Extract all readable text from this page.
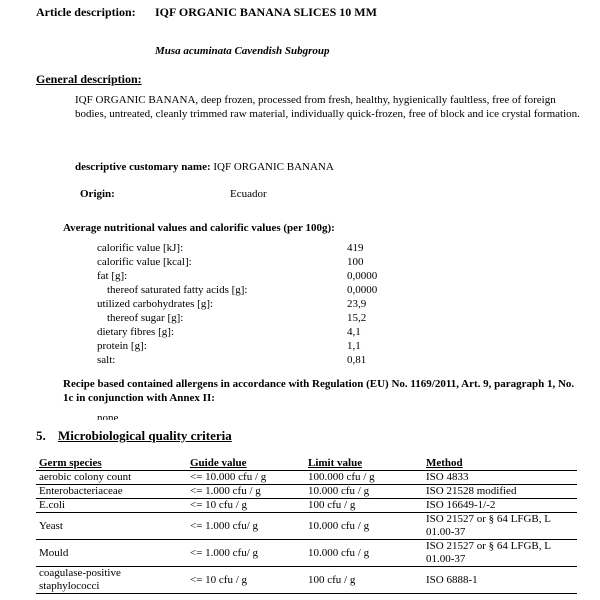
Article description: IQF ORGANIC BANANA SLICES 10 MM
Musa acuminata Cavendish Subgroup
General description:
IQF ORGANIC BANANA, deep frozen, processed from fresh, healthy, hygienically faultless, free of foreign bodies, untreated, cleanly trimmed raw material, individually quick-frozen, free of block and ice crystal formation.
descriptive customary name: IQF ORGANIC BANANA
Origin:	Ecuador
Average nutritional values and calorific values (per 100g):
calorific value [kJ]:	419
calorific value [kcal]:	100
fat [g]:	0,0000
thereof saturated fatty acids [g]:	0,0000
utilized carbohydrates [g]:	23,9
thereof sugar [g]:	15,2
dietary fibres [g]:	4,1
protein [g]:	1,1
salt:	0,81
Recipe based contained allergens in accordance with Regulation (EU) No. 1169/2011, Art. 9, paragraph 1, No. 1c in conjunction with Annex II:
none
5. Microbiological quality criteria
Germ species	Guide value	Limit value	Method
aerobic colony count	<= 10.000 cfu / g	100.000 cfu / g	ISO 4833
Enterobacteriaceae	<= 1.000 cfu / g	10.000 cfu / g	ISO 21528 modified
E.coli	<= 10 cfu / g	100 cfu / g	ISO 16649-1/-2
Yeast	<= 1.000 cfu/ g	10.000 cfu / g	ISO 21527 or § 64 LFGB, L 01.00-37
Mould	<= 1.000 cfu/ g	10.000 cfu / g	ISO 21527 or § 64 LFGB, L 01.00-37
coagulase-positive staphylococci	<= 10 cfu / g	100 cfu / g	ISO 6888-1
